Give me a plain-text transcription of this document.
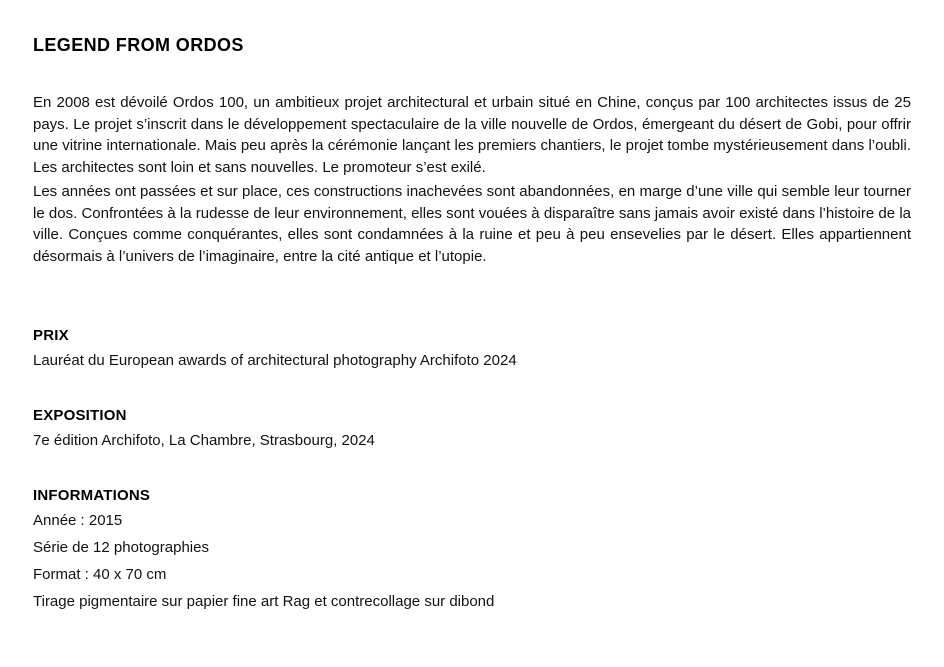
LEGEND FROM ORDOS

En 2008 est dévoilé Ordos 100, un ambitieux projet architectural et urbain situé en Chine, conçus par 100 architectes issus de 25 pays. Le projet s’inscrit dans le développement spectaculaire de la ville nouvelle de Ordos, émergeant du désert de Gobi, pour offrir une vitrine internationale. Mais peu après la cérémonie lançant les premiers chantiers, le projet tombe mystérieusement dans l’oubli. Les architectes sont loin et sans nouvelles. Le promoteur s’est exilé.

Les années ont passées et sur place, ces constructions inachevées sont abandonnées, en marge d’une ville qui semble leur tourner le dos. Confrontées à la rudesse de leur environnement, elles sont vouées à disparaître sans jamais avoir existé dans l’histoire de la ville. Conçues comme conquérantes, elles sont condamnées à la ruine et peu à peu ensevelies par le désert. Elles appartiennent désormais à l’univers de l’imaginaire, entre la cité antique et l’utopie.

PRIX
Lauréat du European awards of architectural photography Archifoto 2024
EXPOSITION
7e édition Archifoto, La Chambre, Strasbourg, 2024
INFORMATIONS
Année : 2015
Série de 12 photographies
Format : 40 x 70 cm
Tirage pigmentaire sur papier fine art Rag et contrecollage sur dibond
